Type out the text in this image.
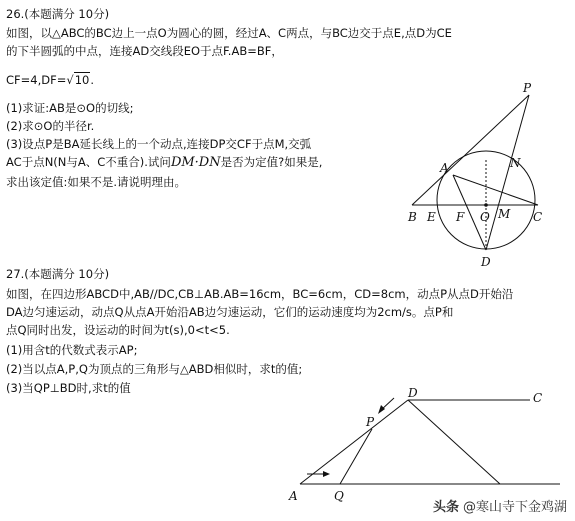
26.(本题满分 10分)
如图，以△ABC的BC边上一点O为圆心的圆，经过A、C两点，与BC边交于点E,点D为CE
的下半圆弧的中点，连接AD交线段EO于点F.AB=BF，
CF=4,DF=√10.
(1)求证:AB是⊙O的切线;
(2)求⊙O的半径r.
(3)设点P是BA延长线上的一个动点,连接DP交CF于点M,交弧
AC于点N(N与A、C不重合).试问DM·DN是否为定值?如果是,
求出该定值:如果不是.请说明理由。
P
A	N
B E F O M C
D
27.(本题满分 10分)
如图，在四边形ABCD中,AB//DC,CB⊥AB.AB=16cm，BC=6cm，CD=8cm，动点P从点D开始沿
DA边匀速运动，动点Q从点A开始沿AB边匀速运动，它们的运动速度均为2cm/s。点P和
点Q同时出发，设运动的时间为t(s),0<t<5.
(1)用含t的代数式表示AP;
(2)当以点A,P,Q为顶点的三角形与△ABD相似时，求t的值;
(3)当QP⊥BD时,求t的值	D	C
P
A	Q
头条 @寒山寺下金鸡湖
